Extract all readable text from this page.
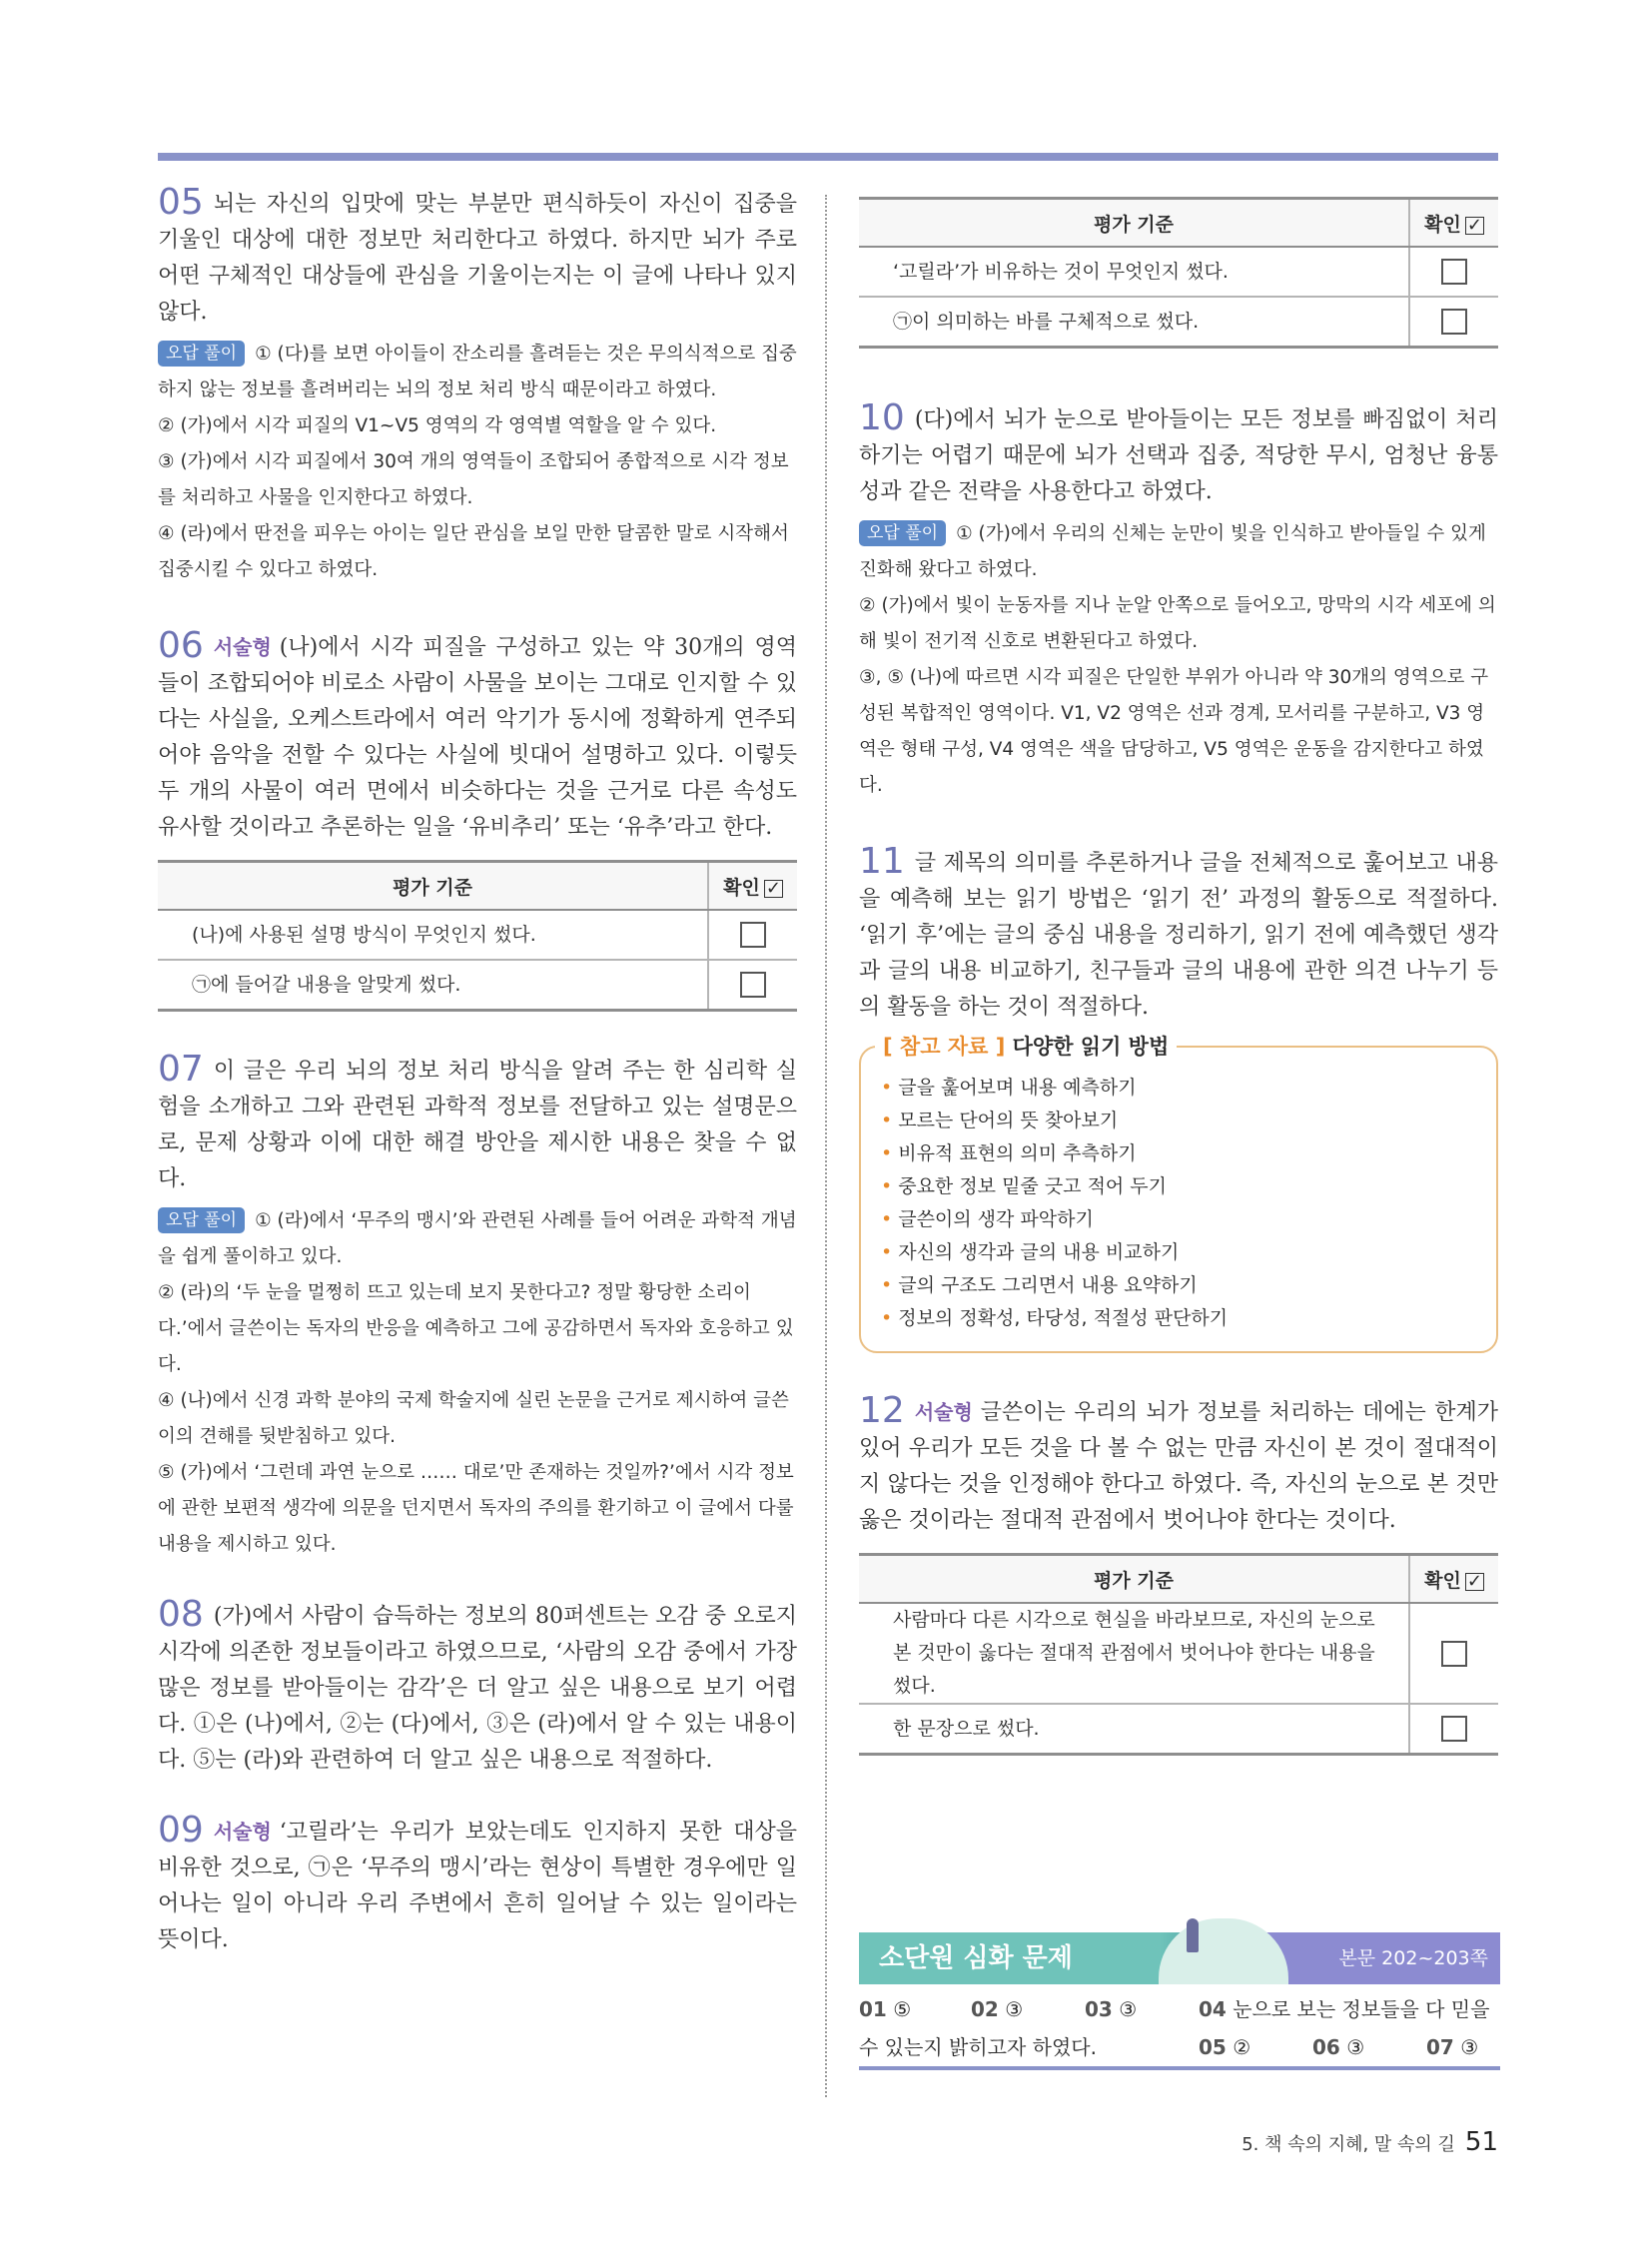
05 뇌는 자신의 입맛에 맞는 부분만 편식하듯이 자신이 집중을 기울인 대상에 대한 정보만 처리한다고 하였다. 하지만 뇌가 주로 어떤 구체적인 대상들에 관심을 기울이는지는 이 글에 나타나 있지 않다.

오답 풀이 ① (다)를 보면 아이들이 잔소리를 흘려듣는 것은 무의식적으로 집중하지 않는 정보를 흘려버리는 뇌의 정보 처리 방식 때문이라고 하였다.

② (가)에서 시각 피질의 V1~V5 영역의 각 영역별 역할을 알 수 있다.

③ (가)에서 시각 피질에서 30여 개의 영역들이 조합되어 종합적으로 시각 정보를 처리하고 사물을 인지한다고 하였다.

④ (라)에서 딴전을 피우는 아이는 일단 관심을 보일 만한 달콤한 말로 시작해서 집중시킬 수 있다고 하였다.

06 서술형 (나)에서 시각 피질을 구성하고 있는 약 30개의 영역들이 조합되어야 비로소 사람이 사물을 보이는 그대로 인지할 수 있다는 사실을, 오케스트라에서 여러 악기가 동시에 정확하게 연주되어야 음악을 전할 수 있다는 사실에 빗대어 설명하고 있다. 이렇듯 두 개의 사물이 여러 면에서 비슷하다는 것을 근거로 다른 속성도 유사할 것이라고 추론하는 일을 ‘유비추리’ 또는 ‘유추’라고 한다.

평가 기준	확인 ✓
(나)에 사용된 설명 방식이 무엇인지 썼다.	
㉠에 들어갈 내용을 알맞게 썼다.	

07 이 글은 우리 뇌의 정보 처리 방식을 알려 주는 한 심리학 실험을 소개하고 그와 관련된 과학적 정보를 전달하고 있는 설명문으로, 문제 상황과 이에 대한 해결 방안을 제시한 내용은 찾을 수 없다.

오답 풀이 ① (라)에서 ‘무주의 맹시’와 관련된 사례를 들어 어려운 과학적 개념을 쉽게 풀이하고 있다.

② (라)의 ‘두 눈을 멀쩡히 뜨고 있는데 보지 못한다고? 정말 황당한 소리이다.’에서 글쓴이는 독자의 반응을 예측하고 그에 공감하면서 독자와 호응하고 있다.

④ (나)에서 신경 과학 분야의 국제 학술지에 실린 논문을 근거로 제시하여 글쓴이의 견해를 뒷받침하고 있다.

⑤ (가)에서 ‘그런데 과연 눈으로 …… 대로’만 존재하는 것일까?’에서 시각 정보에 관한 보편적 생각에 의문을 던지면서 독자의 주의를 환기하고 이 글에서 다룰 내용을 제시하고 있다.

08 (가)에서 사람이 습득하는 정보의 80퍼센트는 오감 중 오로지 시각에 의존한 정보들이라고 하였으므로, ‘사람의 오감 중에서 가장 많은 정보를 받아들이는 감각’은 더 알고 싶은 내용으로 보기 어렵다. ①은 (나)에서, ②는 (다)에서, ③은 (라)에서 알 수 있는 내용이다. ⑤는 (라)와 관련하여 더 알고 싶은 내용으로 적절하다.

09 서술형 ‘고릴라’는 우리가 보았는데도 인지하지 못한 대상을 비유한 것으로, ㉠은 ‘무주의 맹시’라는 현상이 특별한 경우에만 일어나는 일이 아니라 우리 주변에서 흔히 일어날 수 있는 일이라는 뜻이다.

평가 기준	확인 ✓
‘고릴라’가 비유하는 것이 무엇인지 썼다.	
㉠이 의미하는 바를 구체적으로 썼다.	

10 (다)에서 뇌가 눈으로 받아들이는 모든 정보를 빠짐없이 처리하기는 어렵기 때문에 뇌가 선택과 집중, 적당한 무시, 엄청난 융통성과 같은 전략을 사용한다고 하였다.

오답 풀이 ① (가)에서 우리의 신체는 눈만이 빛을 인식하고 받아들일 수 있게 진화해 왔다고 하였다.

② (가)에서 빛이 눈동자를 지나 눈알 안쪽으로 들어오고, 망막의 시각 세포에 의해 빛이 전기적 신호로 변환된다고 하였다.

③, ⑤ (나)에 따르면 시각 피질은 단일한 부위가 아니라 약 30개의 영역으로 구성된 복합적인 영역이다. V1, V2 영역은 선과 경계, 모서리를 구분하고, V3 영역은 형태 구성, V4 영역은 색을 담당하고, V5 영역은 운동을 감지한다고 하였다.

11 글 제목의 의미를 추론하거나 글을 전체적으로 훑어보고 내용을 예측해 보는 읽기 방법은 ‘읽기 전’ 과정의 활동으로 적절하다. ‘읽기 후’에는 글의 중심 내용을 정리하기, 읽기 전에 예측했던 생각과 글의 내용 비교하기, 친구들과 글의 내용에 관한 의견 나누기 등의 활동을 하는 것이 적절하다.

[ 참고 자료 ] 다양한 읽기 방법
• 글을 훑어보며 내용 예측하기
• 모르는 단어의 뜻 찾아보기
• 비유적 표현의 의미 추측하기
• 중요한 정보 밑줄 긋고 적어 두기
• 글쓴이의 생각 파악하기
• 자신의 생각과 글의 내용 비교하기
• 글의 구조도 그리면서 내용 요약하기
• 정보의 정확성, 타당성, 적절성 판단하기

12 서술형 글쓴이는 우리의 뇌가 정보를 처리하는 데에는 한계가 있어 우리가 모든 것을 다 볼 수 없는 만큼 자신이 본 것이 절대적이지 않다는 것을 인정해야 한다고 하였다. 즉, 자신의 눈으로 본 것만 옳은 것이라는 절대적 관점에서 벗어나야 한다는 것이다.

평가 기준	확인 ✓
사람마다 다른 시각으로 현실을 바라보므로, 자신의 눈으로 본 것만이 옳다는 절대적 관점에서 벗어나야 한다는 내용을 썼다.	
한 문장으로 썼다.	
소단원 심화 문제	본문 202~203쪽
01 ⑤	02 ③	03 ③	04 눈으로 보는 정보들을 다 믿을
수 있는지 밝히고자 하였다.	05 ②	06 ③	07 ③
5. 책 속의 지혜, 말 속의 길 51
